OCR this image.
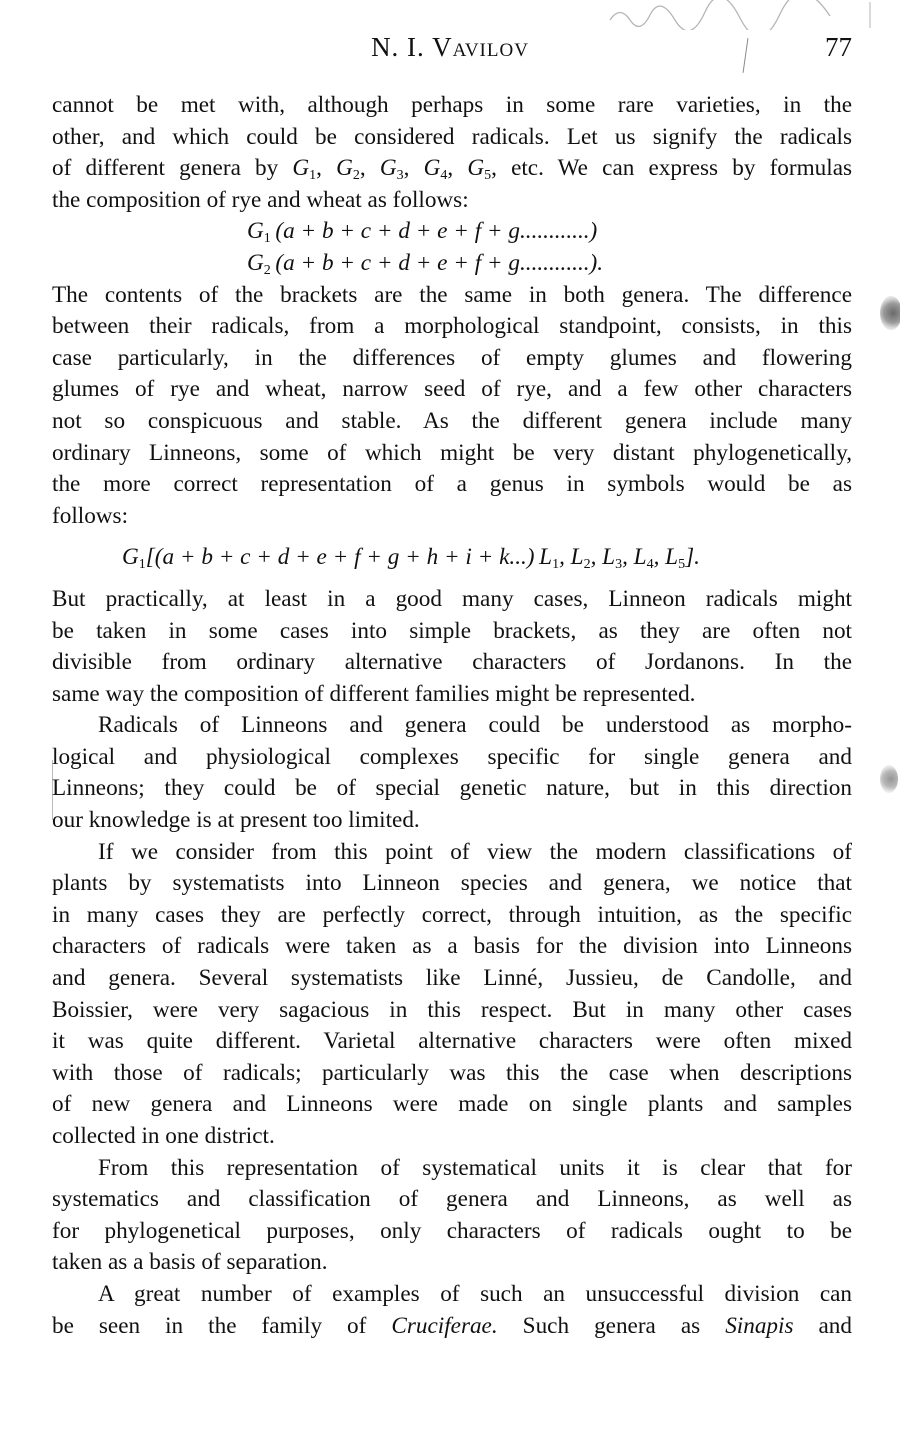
N. I. Vavilov	77
cannot be met with, although perhaps in some rare varieties, in the
other, and which could be considered radicals. Let us signify the radicals
of different genera by $G_1$, $G_2$, $G_3$, $G_4$, $G_5$, etc. We can express by formulas
the composition of rye and wheat as follows:
$G_1$  (a + b + c + d + e + f + g............)
$G_2$  (a + b + c + d + e + f + g............).
The contents of the brackets are the same in both genera. The difference
between their radicals, from a morphological standpoint, consists, in this
case particularly, in the differences of empty glumes and flowering
glumes of rye and wheat, narrow seed of rye, and a few other characters
not so conspicuous and stable. As the different genera include many
ordinary Linneons, some of which might be very distant phylogenetically,
the more correct representation of a genus in symbols would be as
follows:
$G_1[(a + b + c + d + e + f + g + h + i + k...)$  $L_1$, $L_2$, $L_3$, $L_4$, $L_5$].
But practically, at least in a good many cases, Linneon radicals might
be taken in some cases into simple brackets, as they are often not
divisible from ordinary alternative characters of Jordanons. In the
same way the composition of different families might be represented.
Radicals of Linneons and genera could be understood as morpho-
logical and physiological complexes specific for single genera and
Linneons; they could be of special genetic nature, but in this direction
our knowledge is at present too limited.
If we consider from this point of view the modern classifications of
plants by systematists into Linneon species and genera, we notice that
in many cases they are perfectly correct, through intuition, as the specific
characters of radicals were taken as a basis for the division into Linneons
and genera. Several systematists like Linné, Jussieu, de Candolle, and
Boissier, were very sagacious in this respect. But in many other cases
it was quite different. Varietal alternative characters were often mixed
with those of radicals; particularly was this the case when descriptions
of new genera and Linneons were made on single plants and samples
collected in one district.
From this representation of systematical units it is clear that for
systematics and classification of genera and Linneons, as well as
for phylogenetical purposes, only characters of radicals ought to be
taken as a basis of separation.
A great number of examples of such an unsuccessful division can
be seen in the family of Cruciferae. Such genera as Sinapis and
